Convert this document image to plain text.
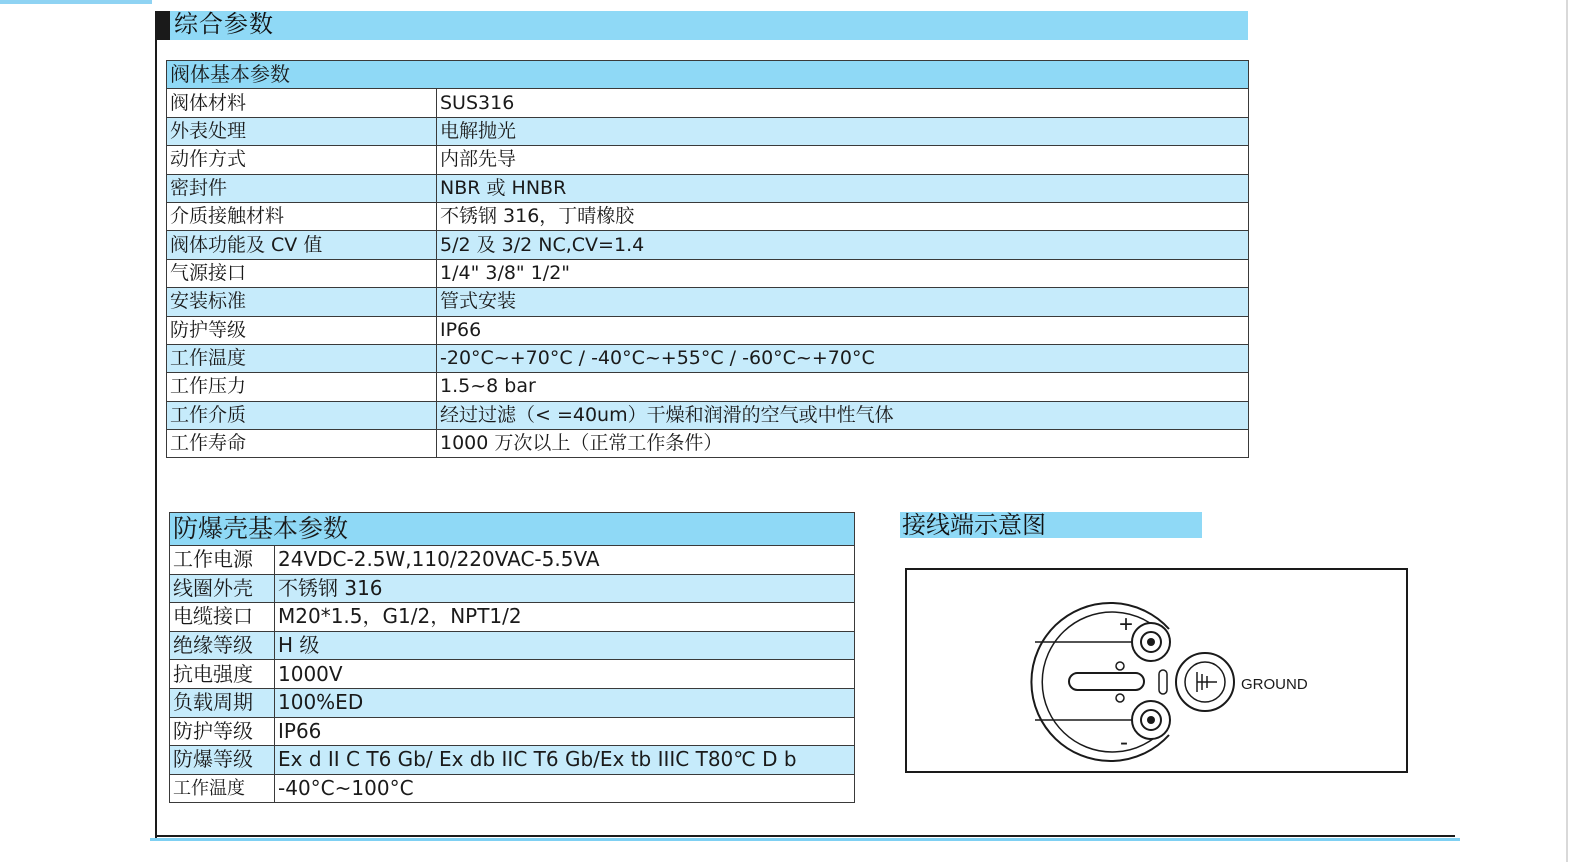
综合参数
阀体基本参数	
阀体材料	SUS316
外表处理	电解抛光
动作方式	内部先导
密封件	NBR 或 HNBR
介质接触材料	不锈钢 316，丁晴橡胶
阀体功能及 CV 值	5/2 及 3/2 NC,CV=1.4
气源接口	1/4" 3/8" 1/2"
安装标准	管式安装
防护等级	IP66
工作温度	-20°C~+70°C / -40°C~+55°C / -60°C~+70°C
工作压力	1.5~8 bar
工作介质	经过过滤（< =40um）干燥和润滑的空气或中性气体
工作寿命	1000 万次以上（正常工作条件）
防爆壳基本参数	
工作电源	24VDC-2.5W,110/220VAC-5.5VA
线圈外壳	不锈钢 316
电缆接口	M20*1.5，G1/2，NPT1/2
绝缘等级	H 级
抗电强度	1000V
负载周期	100%ED
防护等级	IP66
防爆等级	Ex d II C T6 Gb/ Ex db IIC T6 Gb/Ex tb IIIC T80℃ D b
工作温度	-40°C~100°C
接线端示意图
+
-
GROUND
